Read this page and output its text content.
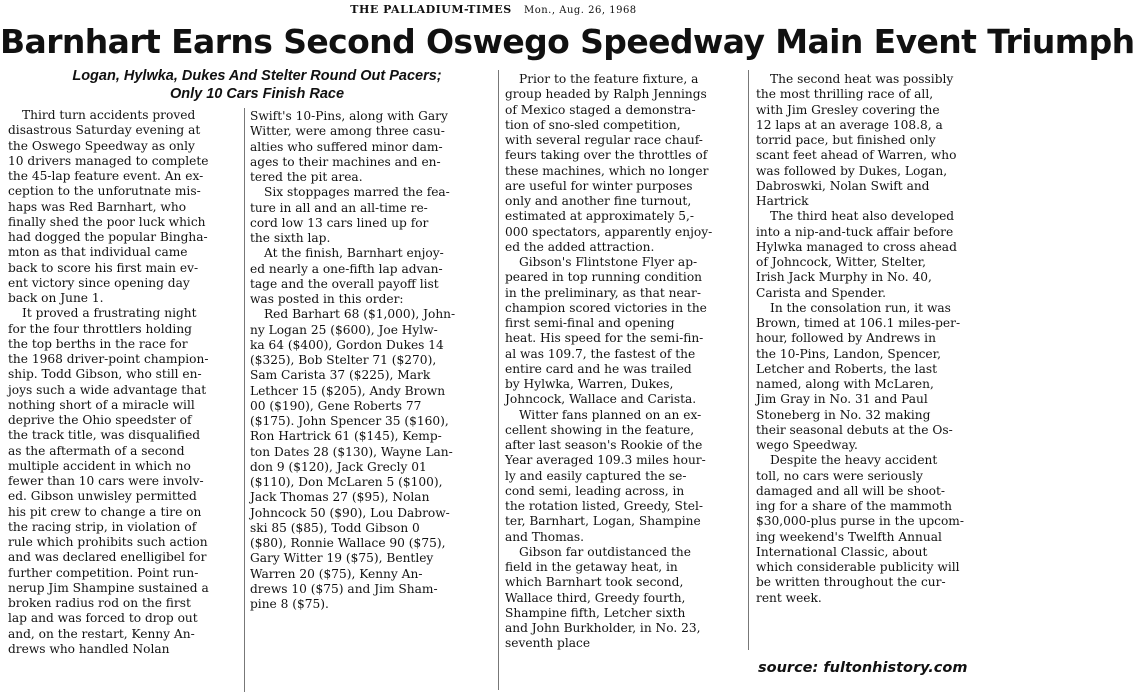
THE PALLADIUM-TIMES Mon., Aug. 26, 1968
Barnhart Earns Second Oswego Speedway Main Event Triumph
Logan, Hylwka, Dukes And Stelter Round Out Pacers;
Only 10 Cars Finish Race

Third turn accidents proved
disastrous Saturday evening at
the Oswego Speedway as only
10 drivers managed to complete
the 45-lap feature event. An ex-
ception to the unforutnate mis-
haps was Red Barnhart, who
finally shed the poor luck which
had dogged the popular Bingha-
mton as that individual came
back to score his first main ev-
ent victory since opening day
back on June 1.

It proved a frustrating night
for the four throttlers holding
the top berths in the race for
the 1968 driver-point champion-
ship. Todd Gibson, who still en-
joys such a wide advantage that
nothing short of a miracle will
deprive the Ohio speedster of
the track title, was disqualified
as the aftermath of a second
multiple accident in which no
fewer than 10 cars were involv-
ed. Gibson unwisley permitted
his pit crew to change a tire on
the racing strip, in violation of
rule which prohibits such action
and was declared enelligibel for
further competition. Point run-
nerup Jim Shampine sustained a
broken radius rod on the first
lap and was forced to drop out
and, on the restart, Kenny An-
drews who handled Nolan

Swift's 10-Pins, along with Gary
Witter, were among three casu-
alties who suffered minor dam-
ages to their machines and en-
tered the pit area.

Six stoppages marred the fea-
ture in all and an all-time re-
cord low 13 cars lined up for
the sixth lap.

At the finish, Barnhart enjoy-
ed nearly a one-fifth lap advan-
tage and the overall payoff list
was posted in this order:

Red Barhart 68 ($1,000), John-
ny Logan 25 ($600), Joe Hylw-
ka 64 ($400), Gordon Dukes 14
($325), Bob Stelter 71 ($270),
Sam Carista 37 ($225), Mark
Lethcer 15 ($205), Andy Brown
00 ($190), Gene Roberts 77
($175). John Spencer 35 ($160),
Ron Hartrick 61 ($145), Kemp-
ton Dates 28 ($130), Wayne Lan-
don 9 ($120), Jack Grecly 01
($110), Don McLaren 5 ($100),
Jack Thomas 27 ($95), Nolan
Johncock 50 ($90), Lou Dabrow-
ski 85 ($85), Todd Gibson 0
($80), Ronnie Wallace 90 ($75),
Gary Witter 19 ($75), Bentley
Warren 20 ($75), Kenny An-
drews 10 ($75) and Jim Sham-
pine 8 ($75).

Prior to the feature fixture, a
group headed by Ralph Jennings
of Mexico staged a demonstra-
tion of sno-sled competition,
with several regular race chauf-
feurs taking over the throttles of
these machines, which no longer
are useful for winter purposes
only and another fine turnout,
estimated at approximately 5,-
000 spectators, apparently enjoy-
ed the added attraction.

Gibson's Flintstone Flyer ap-
peared in top running condition
in the preliminary, as that near-
champion scored victories in the
first semi-final and opening
heat. His speed for the semi-fin-
al was 109.7, the fastest of the
entire card and he was trailed
by Hylwka, Warren, Dukes,
Johncock, Wallace and Carista.

Witter fans planned on an ex-
cellent showing in the feature,
after last season's Rookie of the
Year averaged 109.3 miles hour-
ly and easily captured the se-
cond semi, leading across, in
the rotation listed, Greedy, Stel-
ter, Barnhart, Logan, Shampine
and Thomas.

Gibson far outdistanced the
field in the getaway heat, in
which Barnhart took second,
Wallace third, Greedy fourth,
Shampine fifth, Letcher sixth
and John Burkholder, in No. 23,
seventh place

The second heat was possibly
the most thrilling race of all,
with Jim Gresley covering the
12 laps at an average 108.8, a
torrid pace, but finished only
scant feet ahead of Warren, who
was followed by Dukes, Logan,
Dabroswki, Nolan Swift and
Hartrick

The third heat also developed
into a nip-and-tuck affair before
Hylwka managed to cross ahead
of Johncock, Witter, Stelter,
Irish Jack Murphy in No. 40,
Carista and Spender.

In the consolation run, it was
Brown, timed at 106.1 miles-per-
hour, followed by Andrews in
the 10-Pins, Landon, Spencer,
Letcher and Roberts, the last
named, along with McLaren,
Jim Gray in No. 31 and Paul
Stoneberg in No. 32 making
their seasonal debuts at the Os-
wego Speedway.

Despite the heavy accident
toll, no cars were seriously
damaged and all will be shoot-
ing for a share of the mammoth
$30,000-plus purse in the upcom-
ing weekend's Twelfth Annual
International Classic, about
which considerable publicity will
be written throughout the cur-
rent week.

source: fultonhistory.com
